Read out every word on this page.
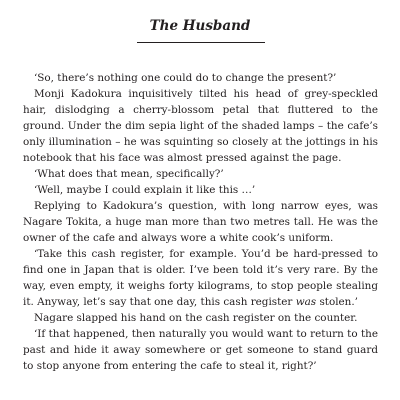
The Husband

‘So, there’s nothing one could do to change the present?’

Monji Kadokura inquisitively tilted his head of grey-speckled hair, dislodging a cherry-blossom petal that fluttered to the ground. Under the dim sepia light of the shaded lamps – the cafe’s only illumination – he was squinting so closely at the jottings in his notebook that his face was almost pressed against the page.

‘What does that mean, specifically?’

‘Well, maybe I could explain it like this …’

Replying to Kadokura’s question, with long narrow eyes, was Nagare Tokita, a huge man more than two metres tall. He was the owner of the cafe and always wore a white cook’s uniform.

‘Take this cash register, for example. You’d be hard-pressed to find one in Japan that is older. I’ve been told it’s very rare. By the way, even empty, it weighs forty kilograms, to stop people stealing it. Anyway, let’s say that one day, this cash register was stolen.’

Nagare slapped his hand on the cash register on the counter.

‘If that happened, then naturally you would want to return to the past and hide it away somewhere or get someone to stand guard to stop anyone from entering the cafe to steal it, right?’
